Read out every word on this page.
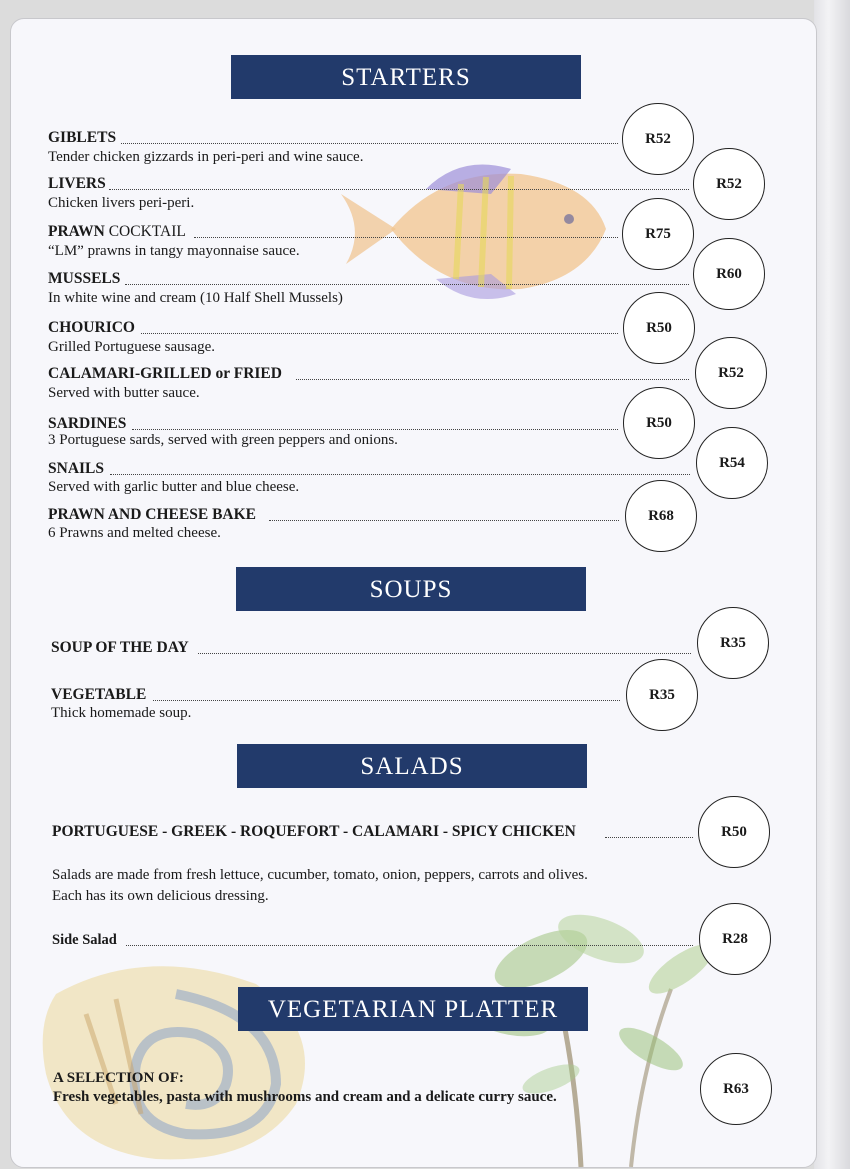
STARTERS
GIBLETS
Tender chicken gizzards in peri-peri and wine sauce.
R52
LIVERS
Chicken livers peri-peri.
R52
PRAWN COCKTAIL
“LM” prawns in tangy mayonnaise sauce.
R75
MUSSELS
In white wine and cream (10 Half Shell Mussels)
R60
CHOURICO
Grilled Portuguese sausage.
R50
CALAMARI-GRILLED or FRIED
Served with butter sauce.
R52
SARDINES
3 Portuguese sards, served with green peppers and onions.
R50
SNAILS
Served with garlic butter and blue cheese.
R54
PRAWN AND CHEESE BAKE
6 Prawns and melted cheese.
R68
SOUPS
SOUP OF THE DAY	R35
VEGETABLE
Thick homemade soup.
R35
SALADS
PORTUGUESE - GREEK - ROQUEFORT - CALAMARI - SPICY CHICKEN	R50
Salads are made from fresh lettuce, cucumber, tomato, onion, peppers, carrots and olives.
Each has its own delicious dressing.
Side Salad	R28
VEGETARIAN PLATTER
A SELECTION OF:
Fresh vegetables, pasta with mushrooms and cream and a delicate curry sauce.	R63
